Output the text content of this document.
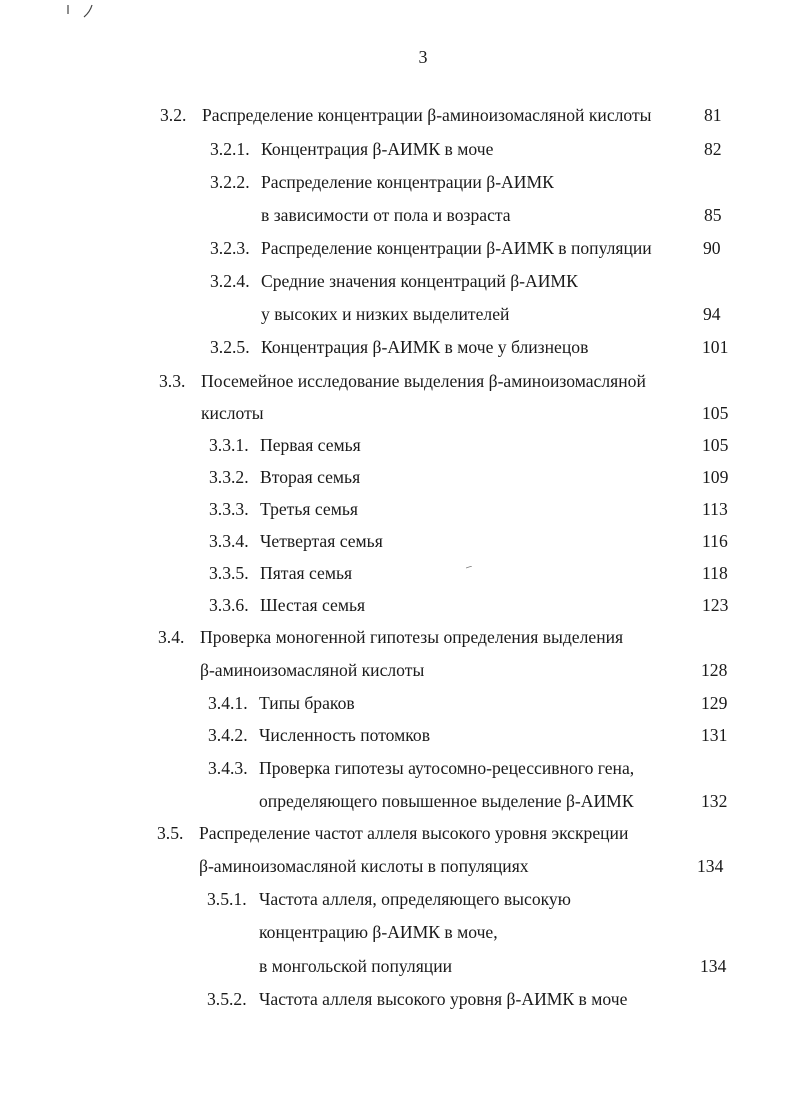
3
3.2. Распределение концентрации β-аминоизомасляной кислоты	81
3.2.1. Концентрация β-АИМК в моче	82
3.2.2. Распределение концентрации β-АИМК
в зависимости от пола и возраста	85
3.2.3. Распределение концентрации β-АИМК в популяции	90
3.2.4. Средние значения концентраций β-АИМК
у высоких и низких выделителей	94
3.2.5. Концентрация β-АИМК в моче у близнецов	101
3.3. Посемейное исследование выделения β-аминоизомасляной
кислоты	105
3.3.1. Первая семья	105
3.3.2. Вторая семья	109
3.3.3. Третья семья	113
3.3.4. Четвертая семья	116
3.3.5. Пятая семья	118
3.3.6. Шестая семья	123
3.4. Проверка моногенной гипотезы определения выделения
β-аминоизомасляной кислоты	128
3.4.1. Типы браков	129
3.4.2. Численность потомков	131
3.4.3. Проверка гипотезы аутосомно-рецессивного гена,
определяющего повышенное выделение β-АИМК	132
3.5. Распределение частот аллеля высокого уровня экскреции
β-аминоизомасляной кислоты в популяциях	134
3.5.1. Частота аллеля, определяющего высокую
концентрацию β-АИМК в моче,
в монгольской популяции	134
3.5.2. Частота аллеля высокого уровня β-АИМК в моче
